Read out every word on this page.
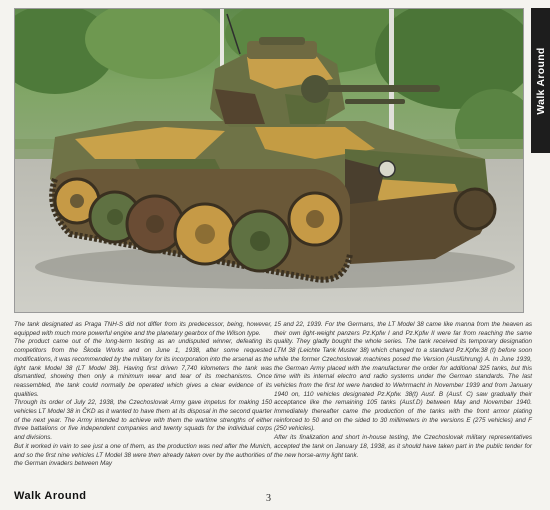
Walk Around

The tank designated as Praga TNH-S did not differ from its predecessor, being, however, equipped with much more powerful engine and the planetary gearbox of the Wilson type.

The product came out of the long-term testing as an undisputed winner, defeating its competitors from the Škoda Works and on June 1, 1938, after some requested modifications, it was recommended by the military for its incorporation into the arsenal as the light tank Model 38 (LT Model 38). Having first driven 7,740 kilometers the tank was dismantled, showing then only a minimum wear and tear of its mechanisms. Once reassembled, the tank could normally be operated which gives a clear evidence of its qualities.

Through its order of July 22, 1938, the Czechoslovak Army gave impetus for making 150 vehicles LT Model 38 in ČKD as it wanted to have them at its disposal in the second quarter of the next year. The Army intended to achieve with them the wartime strengths of either three battalions or five independent companies and twenty squads for the individual corps and divisions.

But it worked in vain to see just a one of them, as the production was ned after the Munich, and so the first nine vehicles LT Model 38 were then already taken over by the authorities of the German invaders between May

15 and 22, 1939. For the Germans, the LT Model 38 came like manna from the heaven as their own light-weight panzers Pz.Kpfw I and Pz.Kpfw II were far from reaching the same quality. They gladly bought the whole series. The tank received its temporary designation LTM 38 (Leichte Tank Muster 38) which changed to a standard Pz.Kpfw.38 (t) before soon while the former Czechoslovak machines posed the Version (Ausführung) A. In June 1939, the German Army placed with the manufacturer the order for additional 325 tanks, but this time with its internal electro and radio systems under the German standards. The last vehicles from the first lot were handed to Wehrmacht in November 1939 and from January 1940 on, 110 vehicles designated Pz.Kpfw. 38(t) Ausf. B (Ausf. C) saw gradually their acceptance like the remaining 105 tanks (Ausf.D) between May and November 1940. Immediately thereafter came the production of the tanks with the front armor plating reinforced to 50 and on the sided to 30 millimeters in the versions E (275 vehicles) and F (250 vehicles).

After its finalization and short in-house testing, the Czechoslovak military representatives accepted the tank on January 18, 1938, as it should have taken part in the public tender for the new horse-army light tank.

Walk Around	3
